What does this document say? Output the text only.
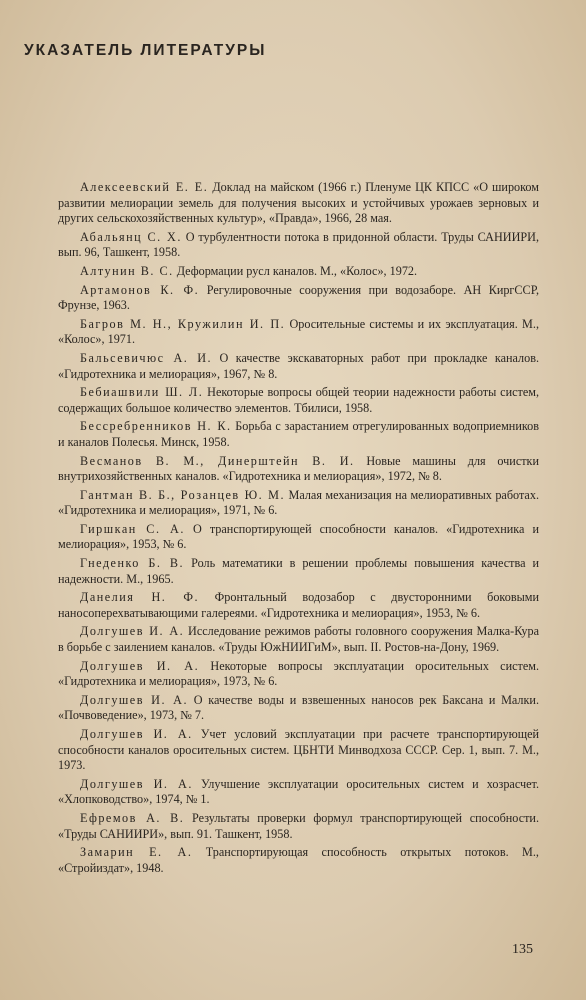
УКАЗАТЕЛЬ ЛИТЕРАТУРЫ

Алексеевский Е. Е. Доклад на майском (1966 г.) Пленуме ЦК КПСС «О широком развитии мелиорации земель для получения высоких и устойчивых урожаев зерновых и других сельскохозяйственных культур», «Правда», 1966, 28 мая.

Абальянц С. Х. О турбулентности потока в придонной области. Труды САНИИРИ, вып. 96, Ташкент, 1958.

Алтунин В. С. Деформации русл каналов. М., «Колос», 1972.

Артамонов К. Ф. Регулировочные сооружения при водозаборе. АН КиргССР, Фрунзе, 1963.

Багров М. Н., Кружилин И. П. Оросительные системы и их эксплуатация. М., «Колос», 1971.

Бальсевичюс А. И. О качестве экскаваторных работ при прокладке каналов. «Гидротехника и мелиорация», 1967, № 8.

Бебиашвили Ш. Л. Некоторые вопросы общей теории надежности работы систем, содержащих большое количество элементов. Тбилиси, 1958.

Бессребренников Н. К. Борьба с зарастанием отрегулированных водоприемников и каналов Полесья. Минск, 1958.

Весманов В. М., Динерштейн В. И. Новые машины для очистки внутрихозяйственных каналов. «Гидротехника и мелиорация», 1972, № 8.

Гантман В. Б., Розанцев Ю. М. Малая механизация на мелиоративных работах. «Гидротехника и мелиорация», 1971, № 6.

Гиршкан С. А. О транспортирующей способности каналов. «Гидротехника и мелиорация», 1953, № 6.

Гнеденко Б. В. Роль математики в решении проблемы повышения качества и надежности. М., 1965.

Данелия Н. Ф. Фронтальный водозабор с двусторонними боковыми наносоперехватывающими галереями. «Гидротехника и мелиорация», 1953, № 6.

Долгушев И. А. Исследование режимов работы головного сооружения Малка-Кура в борьбе с заилением каналов. «Труды ЮжНИИГиМ», вып. II. Ростов-на-Дону, 1969.

Долгушев И. А. Некоторые вопросы эксплуатации оросительных систем. «Гидротехника и мелиорация», 1973, № 6.

Долгушев И. А. О качестве воды и взвешенных наносов рек Баксана и Малки. «Почвоведение», 1973, № 7.

Долгушев И. А. Учет условий эксплуатации при расчете транспортирующей способности каналов оросительных систем. ЦБНТИ Минводхоза СССР. Сер. 1, вып. 7. М., 1973.

Долгушев И. А. Улучшение эксплуатации оросительных систем и хозрасчет. «Хлопководство», 1974, № 1.

Ефремов А. В. Результаты проверки формул транспортирующей способности. «Труды САНИИРИ», вып. 91. Ташкент, 1958.

Замарин Е. А. Транспортирующая способность открытых потоков. М., «Стройиздат», 1948.

135
